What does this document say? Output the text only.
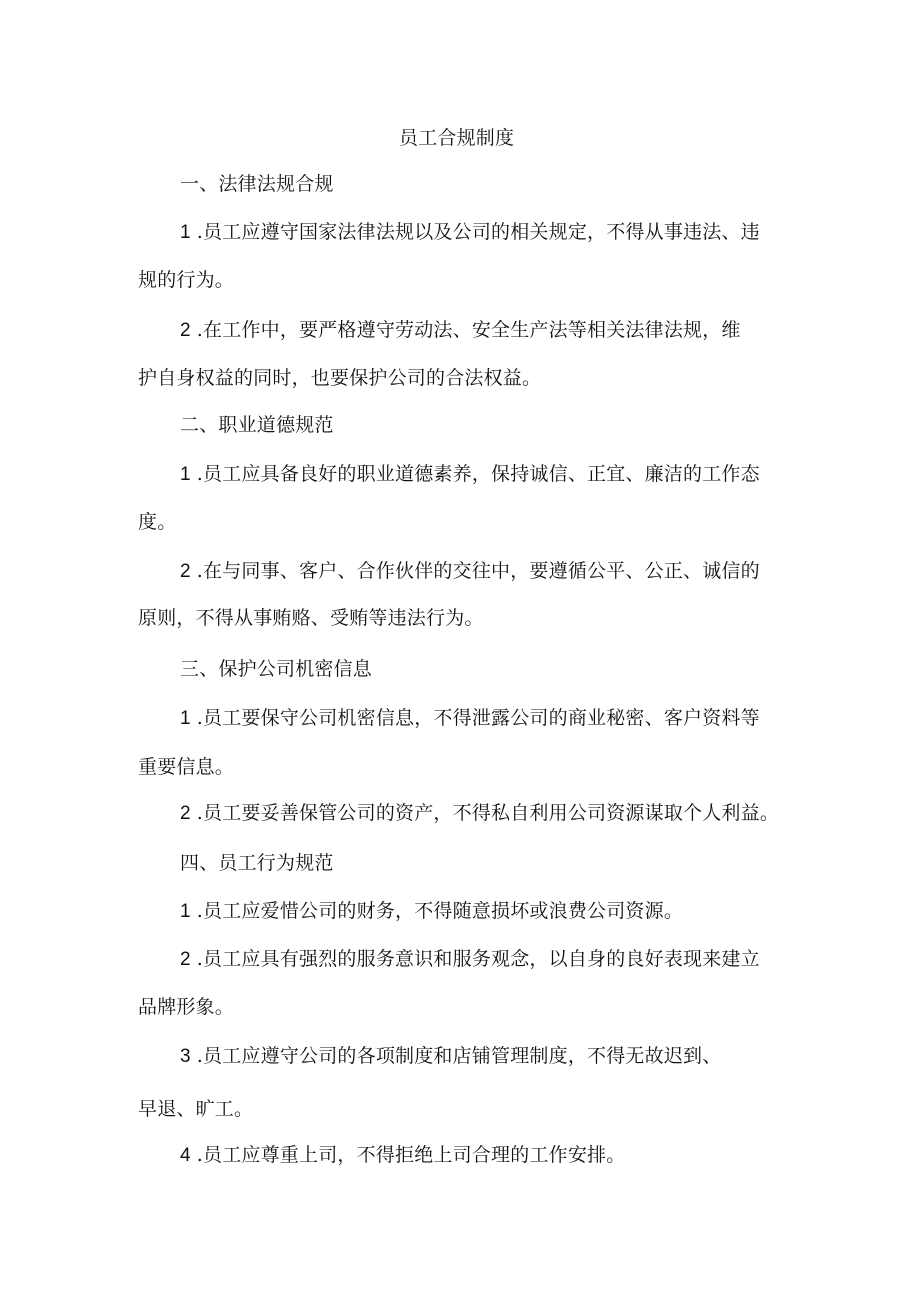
员工合规制度
一、法律法规合规
1 .员工应遵守国家法律法规以及公司的相关规定，不得从事违法、违
规的行为。
2 .在工作中，要严格遵守劳动法、安全生产法等相关法律法规，维
护自身权益的同时，也要保护公司的合法权益。
二、职业道德规范
1 .员工应具备良好的职业道德素养，保持诚信、正宜、廉洁的工作态
度。
2 .在与同事、客户、合作伙伴的交往中，要遵循公平、公正、诚信的
原则，不得从事贿赂、受贿等违法行为。
三、保护公司机密信息
1 .员工要保守公司机密信息，不得泄露公司的商业秘密、客户资料等
重要信息。
2 .员工要妥善保管公司的资产，不得私自利用公司资源谋取个人利益。
四、员工行为规范
1 .员工应爱惜公司的财务，不得随意损坏或浪费公司资源。
2 .员工应具有强烈的服务意识和服务观念，以自身的良好表现来建立
品牌形象。
3 .员工应遵守公司的各项制度和店铺管理制度，不得无故迟到、
早退、旷工。
4 .员工应尊重上司，不得拒绝上司合理的工作安排。
